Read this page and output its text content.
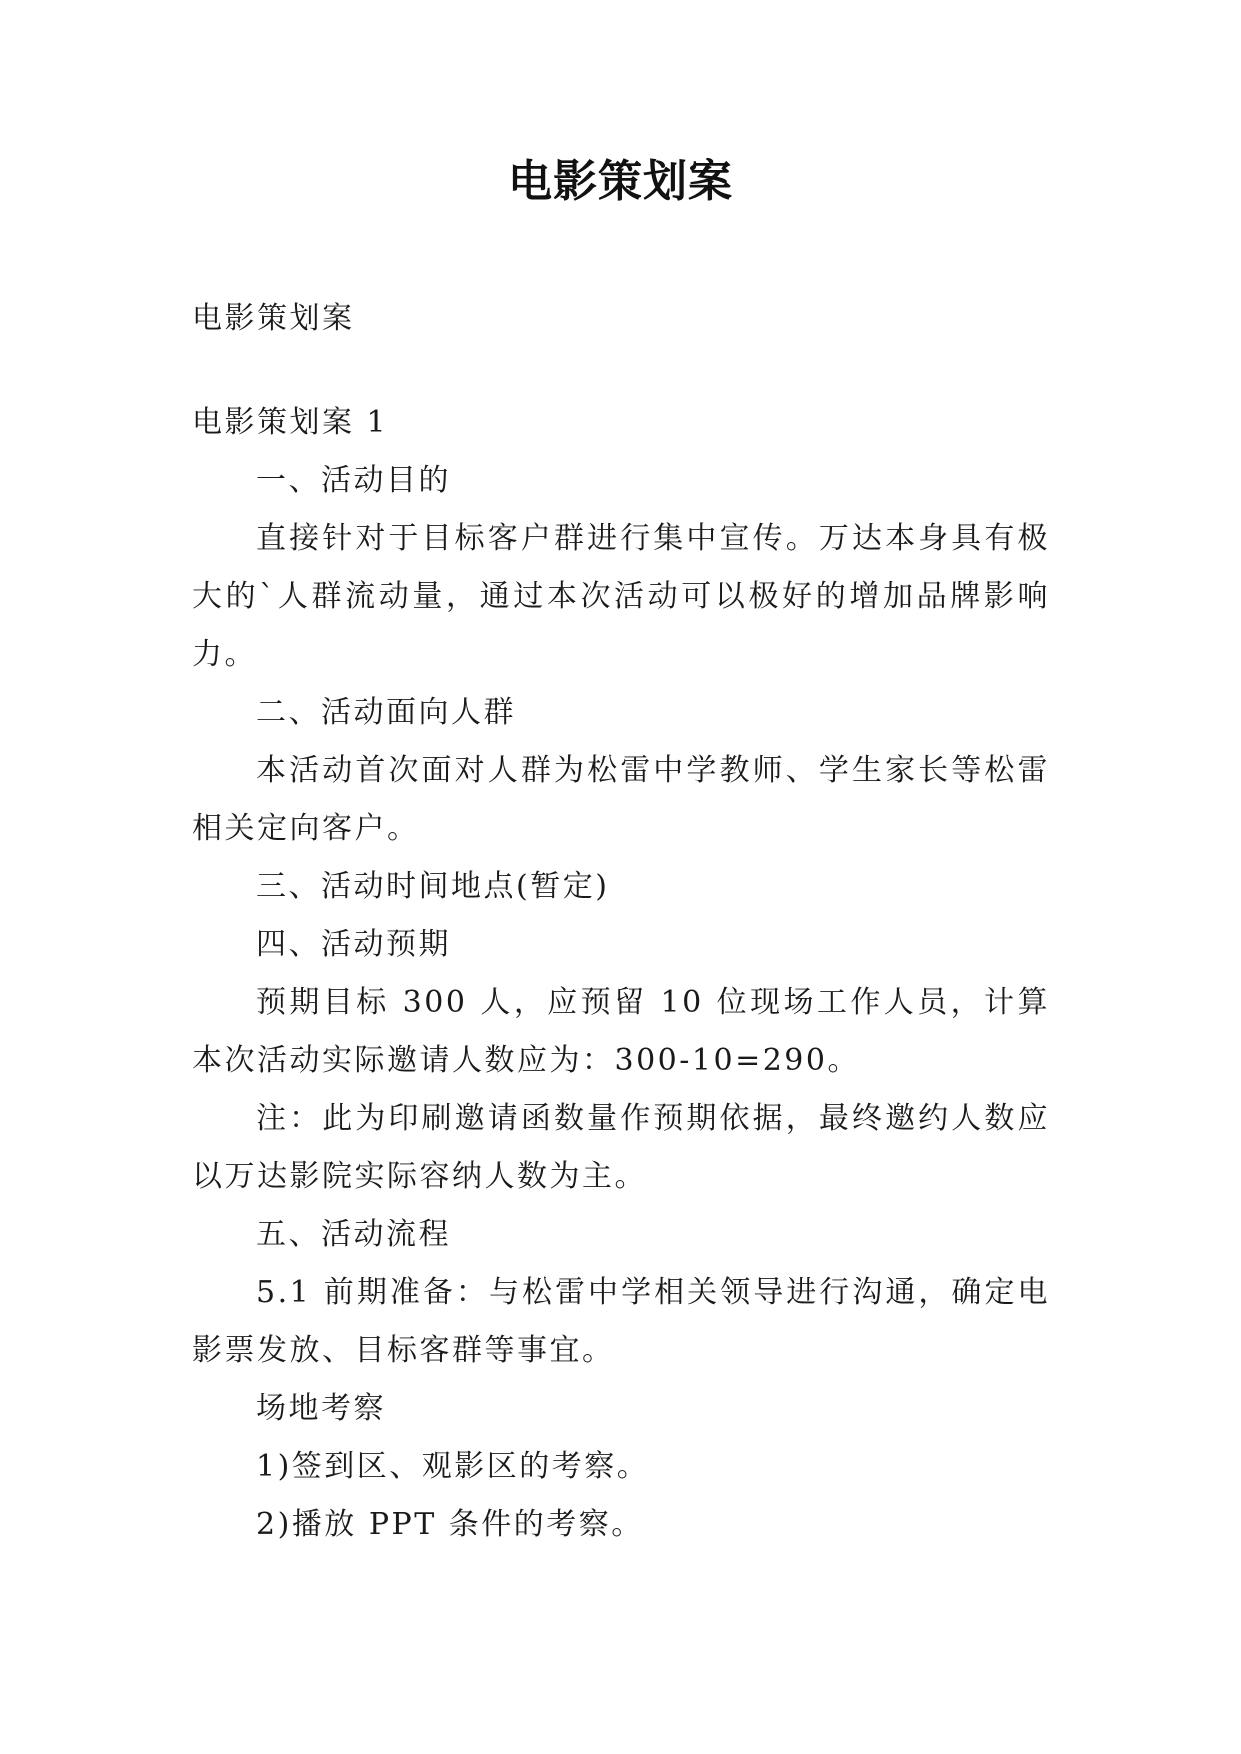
电影策划案

电影策划案

电影策划案 1

一、活动目的

直接针对于目标客户群进行集中宣传。万达本身具有极大的`人群流动量，通过本次活动可以极好的增加品牌影响力。

二、活动面向人群

本活动首次面对人群为松雷中学教师、学生家长等松雷相关定向客户。

三、活动时间地点(暂定)

四、活动预期

预期目标 300 人，应预留 10 位现场工作人员，计算本次活动实际邀请人数应为：300-10=290。

注：此为印刷邀请函数量作预期依据，最终邀约人数应以万达影院实际容纳人数为主。

五、活动流程

5.1 前期准备：与松雷中学相关领导进行沟通，确定电影票发放、目标客群等事宜。

场地考察

1)签到区、观影区的考察。

2)播放 PPT 条件的考察。
